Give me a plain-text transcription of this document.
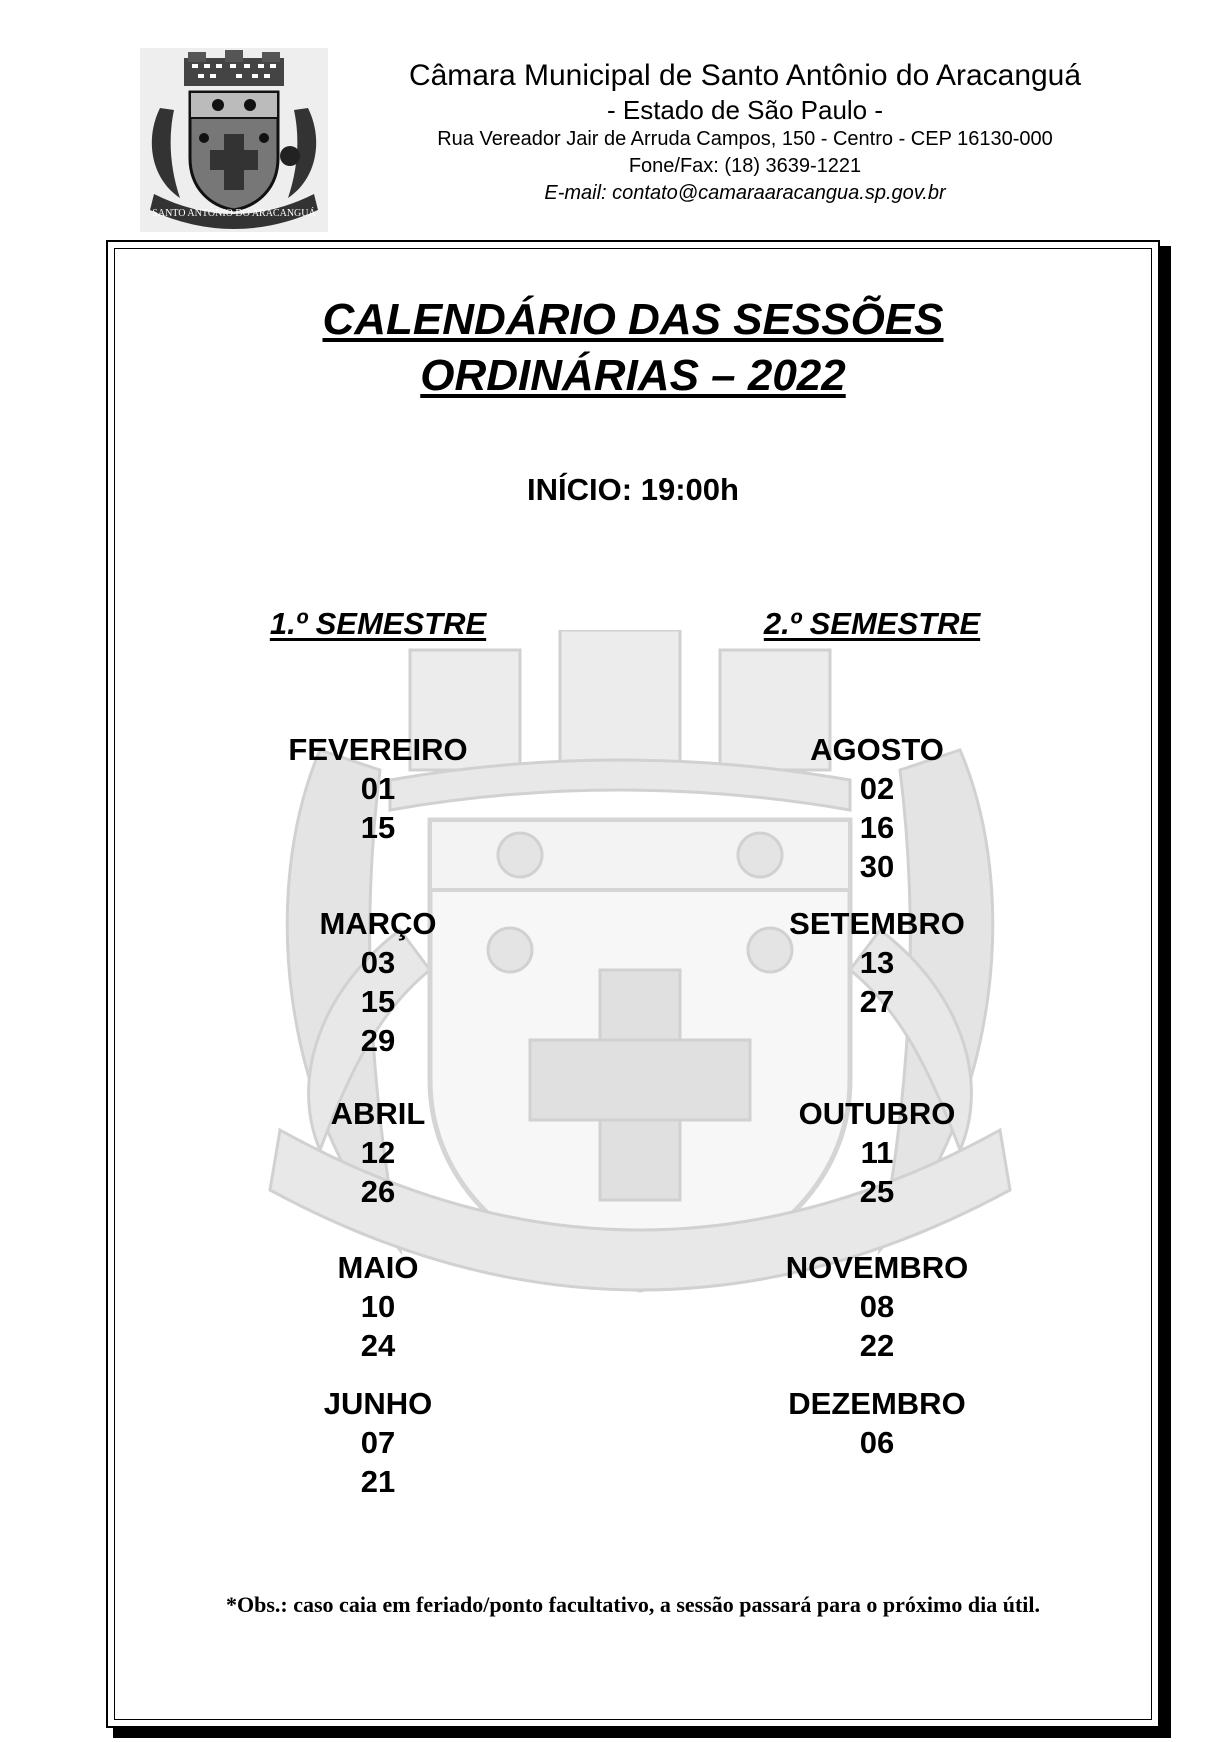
SANTO ANTÔNIO DO ARACANGUÁ
Câmara Municipal de Santo Antônio do Aracanguá
- Estado de São Paulo -
Rua Vereador Jair de Arruda Campos, 150 - Centro - CEP 16130-000
Fone/Fax: (18) 3639-1221
E-mail: contato@camaraaracangua.sp.gov.br
CALENDÁRIO DAS SESSÕES
ORDINÁRIAS – 2022
INÍCIO: 19:00h
1.º SEMESTRE	2.º SEMESTRE
FEVEREIRO
01
15
MARÇO
03
15
29
ABRIL
12
26
MAIO
10
24
JUNHO
07
21
AGOSTO
02
16
30
SETEMBRO
13
27
OUTUBRO
11
25
NOVEMBRO
08
22
DEZEMBRO
06
*Obs.: caso caia em feriado/ponto facultativo, a sessão passará para o próximo dia útil.
